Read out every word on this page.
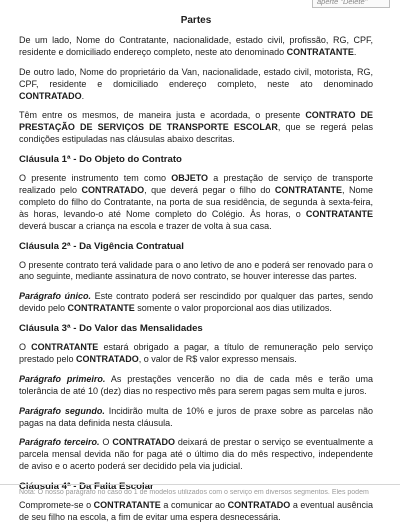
aperte "Delete"
Partes

De um lado, Nome do Contratante, nacionalidade, estado civil, profissão, RG, CPF, residente e domiciliado endereço completo, neste ato denominado CONTRATANTE.

De outro lado, Nome do proprietário da Van, nacionalidade, estado civil, motorista, RG, CPF, residente e domiciliado endereço completo, neste ato denominado CONTRATADO.

Têm entre os mesmos, de maneira justa e acordada, o presente CONTRATO DE PRESTAÇÃO DE SERVIÇOS DE TRANSPORTE ESCOLAR, que se regerá pelas condições estipuladas nas cláusulas abaixo descritas.

Cláusula 1ª - Do Objeto do Contrato

O presente instrumento tem como OBJETO a prestação de serviço de transporte realizado pelo CONTRATADO, que deverá pegar o filho do CONTRATANTE, Nome completo do filho do Contratante, na porta de sua residência, de segunda à sexta-feira, às horas, levando-o até Nome completo do Colégio. Às horas, o CONTRATANTE deverá buscar a criança na escola e trazer de volta à sua casa.

Cláusula 2ª - Da Vigência Contratual

O presente contrato terá validade para o ano letivo de ano e poderá ser renovado para o ano seguinte, mediante assinatura de novo contrato, se houver interesse das partes.

Parágrafo único. Este contrato poderá ser rescindido por qualquer das partes, sendo devido pelo CONTRATANTE somente o valor proporcional aos dias utilizados.

Cláusula 3ª - Do Valor das Mensalidades

O CONTRATANTE estará obrigado a pagar, a título de remuneração pelo serviço prestado pelo CONTRATADO, o valor de R$ valor expresso mensais.

Parágrafo primeiro. As prestações vencerão no dia de cada mês e terão uma tolerância de até 10 (dez) dias no respectivo mês para serem pagas sem multa e juros.

Parágrafo segundo. Incidirão multa de 10% e juros de praxe sobre as parcelas não pagas na data definida nesta cláusula.

Parágrafo terceiro. O CONTRATADO deixará de prestar o serviço se eventualmente a parcela mensal devida não for paga até o último dia do mês respectivo, independente de aviso e o acerto poderá ser decidido pela via judicial.

Cláusula 4ª - Da Falta Escolar

Compromete-se o CONTRATANTE a comunicar ao CONTRATADO a eventual ausência de seu filho na escola, a fim de evitar uma espera desnecessária.

Nota: O nosso parágrafo no caso do 1 de modelos utilizados com o serviço em diversos segmentos. Eles podem
